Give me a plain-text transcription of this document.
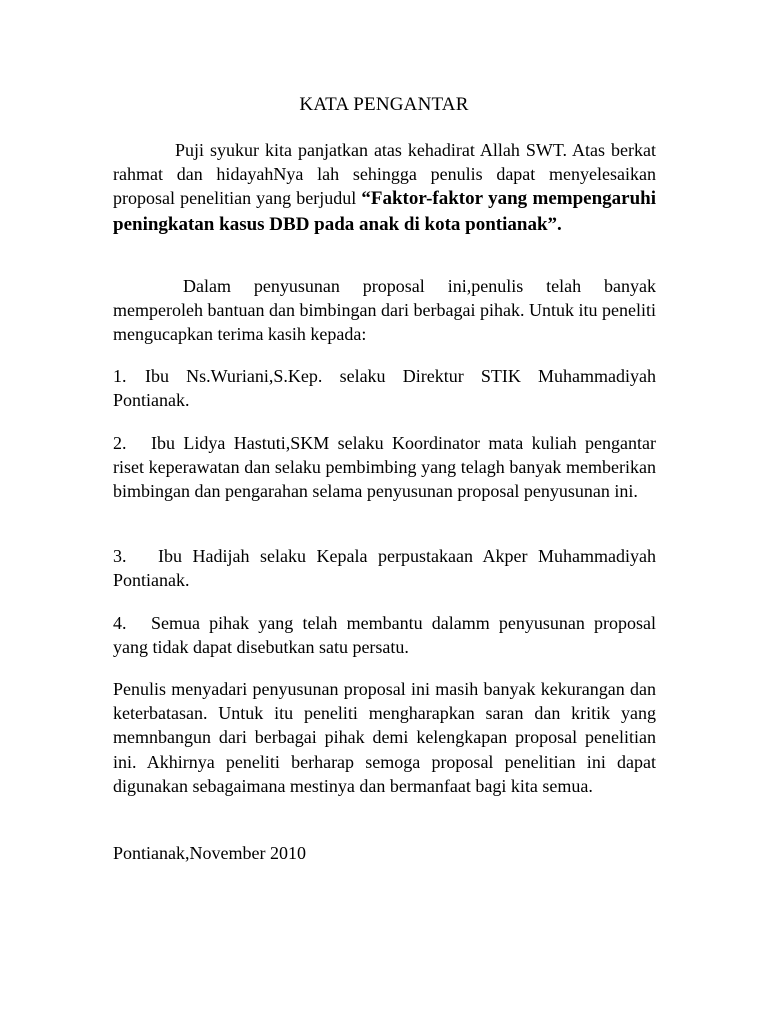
KATA PENGANTAR

Puji syukur kita panjatkan atas kehadirat Allah SWT. Atas berkat rahmat dan hidayahNya lah sehingga penulis dapat menyelesaikan proposal penelitian yang berjudul “Faktor-faktor yang mempengaruhi peningkatan kasus DBD pada anak di kota pontianak”.

Dalam penyusunan proposal ini,penulis telah banyak memperoleh bantuan dan bimbingan dari berbagai pihak. Untuk itu peneliti mengucapkan terima kasih kepada:

1. Ibu Ns.Wuriani,S.Kep. selaku Direktur STIK Muhammadiyah Pontianak.

2. Ibu Lidya Hastuti,SKM selaku Koordinator mata kuliah pengantar riset keperawatan dan selaku pembimbing yang telagh banyak memberikan bimbingan dan pengarahan selama penyusunan proposal penyusunan ini.

3. Ibu Hadijah selaku Kepala perpustakaan Akper Muhammadiyah Pontianak.

4. Semua pihak yang telah membantu dalamm penyusunan proposal yang tidak dapat disebutkan satu persatu.

Penulis menyadari penyusunan proposal ini masih banyak kekurangan dan keterbatasan. Untuk itu peneliti mengharapkan saran dan kritik yang memnbangun dari berbagai pihak demi kelengkapan proposal penelitian ini. Akhirnya peneliti berharap semoga proposal penelitian ini dapat digunakan sebagaimana mestinya dan bermanfaat bagi kita semua.

Pontianak,November 2010
